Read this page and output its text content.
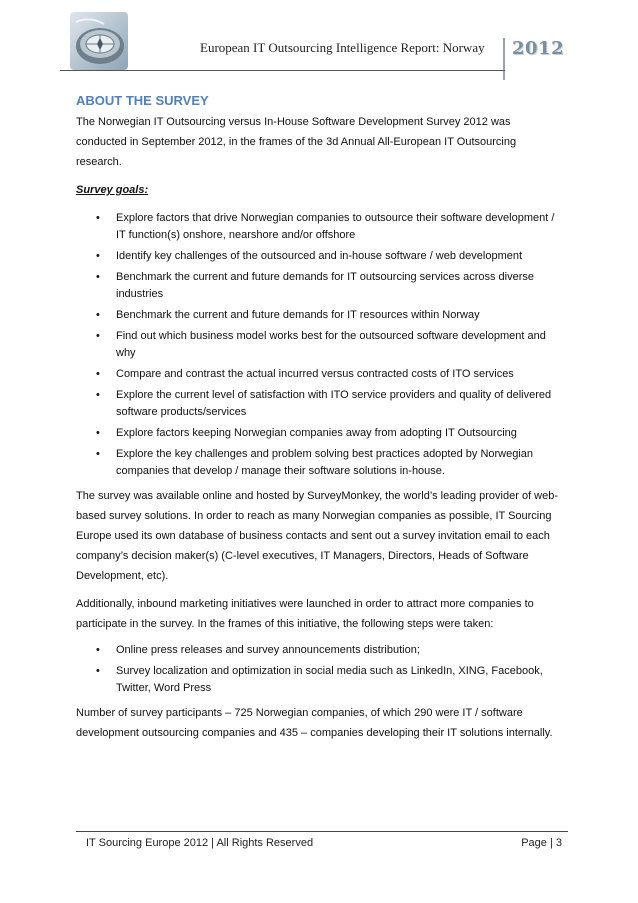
European IT Outsourcing Intelligence Report: Norway 2012
ABOUT THE SURVEY

The Norwegian IT Outsourcing versus In-House Software Development Survey 2012 was conducted in September 2012, in the frames of the 3d Annual All-European IT Outsourcing research.

Survey goals:
• Explore factors that drive Norwegian companies to outsource their software development / IT function(s) onshore, nearshore and/or offshore
• Identify key challenges of the outsourced and in-house software / web development
• Benchmark the current and future demands for IT outsourcing services across diverse industries
• Benchmark the current and future demands for IT resources within Norway
• Find out which business model works best for the outsourced software development and why
• Compare and contrast the actual incurred versus contracted costs of ITO services
• Explore the current level of satisfaction with ITO service providers and quality of delivered software products/services
• Explore factors keeping Norwegian companies away from adopting IT Outsourcing
• Explore the key challenges and problem solving best practices adopted by Norwegian companies that develop / manage their software solutions in-house.

The survey was available online and hosted by SurveyMonkey, the world’s leading provider of web-based survey solutions. In order to reach as many Norwegian companies as possible, IT Sourcing Europe used its own database of business contacts and sent out a survey invitation email to each company’s decision maker(s) (C-level executives, IT Managers, Directors, Heads of Software Development, etc).

Additionally, inbound marketing initiatives were launched in order to attract more companies to participate in the survey. In the frames of this initiative, the following steps were taken:

• Online press releases and survey announcements distribution;
• Survey localization and optimization in social media such as LinkedIn, XING, Facebook, Twitter, Word Press

Number of survey participants – 725 Norwegian companies, of which 290 were IT / software development outsourcing companies and 435 – companies developing their IT solutions internally.

IT Sourcing Europe 2012 | All Rights Reserved	Page | 3
